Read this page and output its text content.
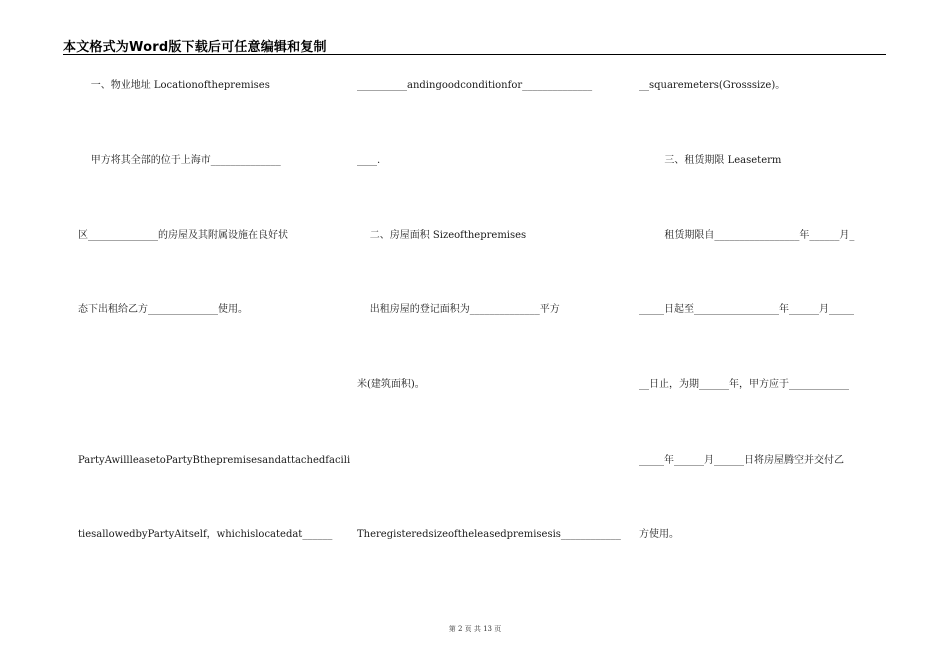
本文格式为Word版下载后可任意编辑和复制
一、物业地址 Locationofthepremises
甲方将其全部的位于上海市______________
区______________的房屋及其附属设施在良好状
态下出租给乙方______________使用。
PartyAwillleasetoPartyBthepremisesandattachedfacili
tiesallowedbyPartyAitself，whichislocatedat______
__________andingoodconditionfor______________
____.
二、房屋面积 Sizeofthepremises
出租房屋的登记面积为______________平方
米(建筑面积)。
Theregisteredsizeoftheleasedpremisesis____________
__squaremeters(Grosssize)。
三、租赁期限 Leaseterm
租赁期限自_________________年______月_
_____日起至_________________年______月_____
__日止，为期______年，甲方应于____________
_____年______月______日将房屋腾空并交付乙
方使用。
第 2 页 共 13 页
